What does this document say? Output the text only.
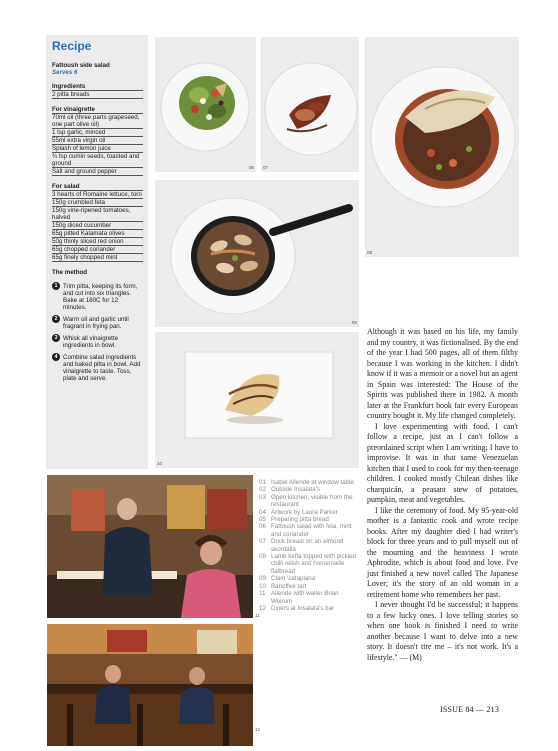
Recipe
Fattoush side salad
Serves 6
Ingredients
2 pitta breads
For vinaigrette
70ml oil (three parts grapeseed, one part olive oil)
1 tsp garlic, minced
55ml extra virgin oil
Splash of lemon juice
¾ tsp cumin seeds, toasted and ground
Salt and ground pepper
For salad
3 hearts of Romaine lettuce, torn
150g crumbled feta
150g vine-ripened tomatoes, halved
150g diced cucumber
65g pitted Kalamata olives
50g thinly sliced red onion
65g chopped coriander
65g finely chopped mint
The method
1 Trim pitta, keeping its form, and cut into six triangles. Bake at 180C for 12 minutes.
2 Warm oil and garlic until fragrant in frying pan.
3 Whisk all vinaigrette ingredients in bowl.
4 Combine salad ingredients and baked pitta in bowl. Add vinaigrette to taste. Toss, plate and serve.
06 07
08
09
10
11
12
01 Isabel Allende at window table
02 Outside Insalata's
03 Open kitchen, visible from the restaurant
04 Artwork by Laura Parker
05 Preparing pitta bread
06 Fattoush salad with feta, mint and coriander
07 Duck breast on an almond skordalia
08 Lamb kefta topped with pickled chilli relish and homemade flatbread
09 Clam 'cataplana'
10 Banoffee tart
11 Allende with waiter Brian Weirum
12 Diners at Insalata's bar

Although it was based on his life, my family and my country, it was fictionalised. By the end of the year I had 500 pages, all of them filthy because I was working in the kitchen. I didn't know if it was a memoir or a novel but an agent in Spain was interested: The House of the Spirits was published there in 1982. A month later at the Frankfurt book fair every European country bought it. My life changed completely.

I love experimenting with food. I can't follow a recipe, just as I can't follow a preordained script when I am writing; I have to improvise. It was in that same Venezuelan kitchen that I used to cook for my then-teenage children. I cooked mostly Chilean dishes like charquicán, a peasant stew of potatoes, pumpkin, meat and vegetables.

I like the ceremony of food. My 95-year-old mother is a fantastic cook and wrote recipe books. After my daughter died I had writer's block for three years and to pull myself out of the mourning and the heaviness I wrote Aphrodite, which is about food and love. I've just finished a new novel called The Japanese Lover; it's the story of an old woman in a retirement home who remembers her past.

I never thought I'd be successful; it happens to a few lucky ones. I love telling stories so when one book is finished I need to write another because I want to delve into a new story. It doesn't tire me – it's not work. It's a lifestyle." — (M)

ISSUE 84 — 213
